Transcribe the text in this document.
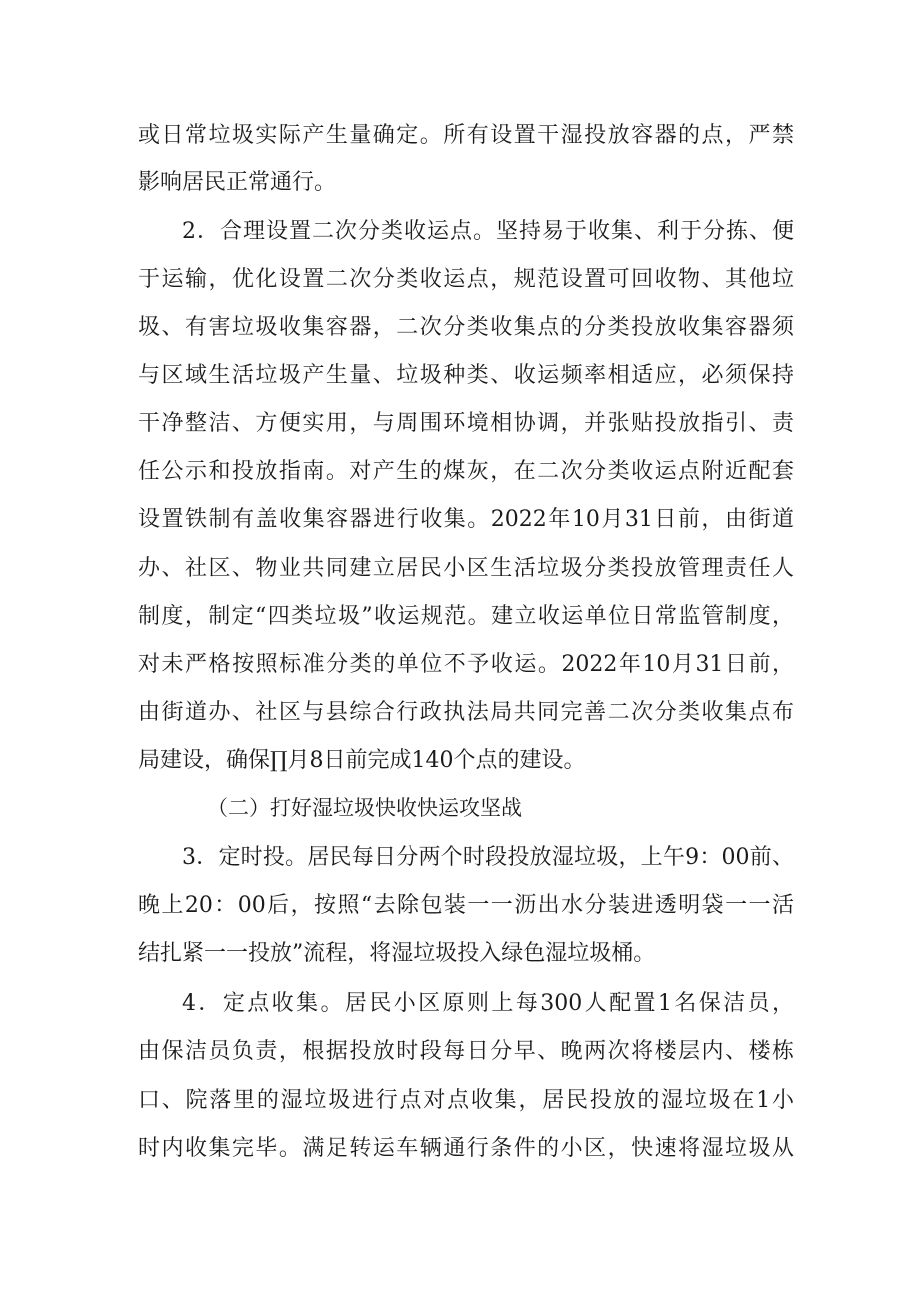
或日常垃圾实际产生量确定。所有设置干湿投放容器的点，严禁
影响居民正常通行。
2．合理设置二次分类收运点。坚持易于收集、利于分拣、便
于运输，优化设置二次分类收运点，规范设置可回收物、其他垃
圾、有害垃圾收集容器，二次分类收集点的分类投放收集容器须
与区域生活垃圾产生量、垃圾种类、收运频率相适应，必须保持
干净整洁、方便实用，与周围环境相协调，并张贴投放指引、责
任公示和投放指南。对产生的煤灰，在二次分类收运点附近配套
设置铁制有盖收集容器进行收集。2022年10月31日前，由街道
办、社区、物业共同建立居民小区生活垃圾分类投放管理责任人
制度，制定“四类垃圾”收运规范。建立收运单位日常监管制度，
对未严格按照标准分类的单位不予收运。2022年10月31日前，
由街道办、社区与县综合行政执法局共同完善二次分类收集点布
局建设，确保∏月8日前完成140个点的建设。
（二）打好湿垃圾快收快运攻坚战
3．定时投。居民每日分两个时段投放湿垃圾，上午9：00前、
晚上20：00后，按照“去除包装一一沥出水分装进透明袋一一活
结扎紧一一投放”流程，将湿垃圾投入绿色湿垃圾桶。
4．定点收集。居民小区原则上每300人配置1名保洁员，
由保洁员负责，根据投放时段每日分早、晚两次将楼层内、楼栋
口、院落里的湿垃圾进行点对点收集，居民投放的湿垃圾在1小
时内收集完毕。满足转运车辆通行条件的小区，快速将湿垃圾从
